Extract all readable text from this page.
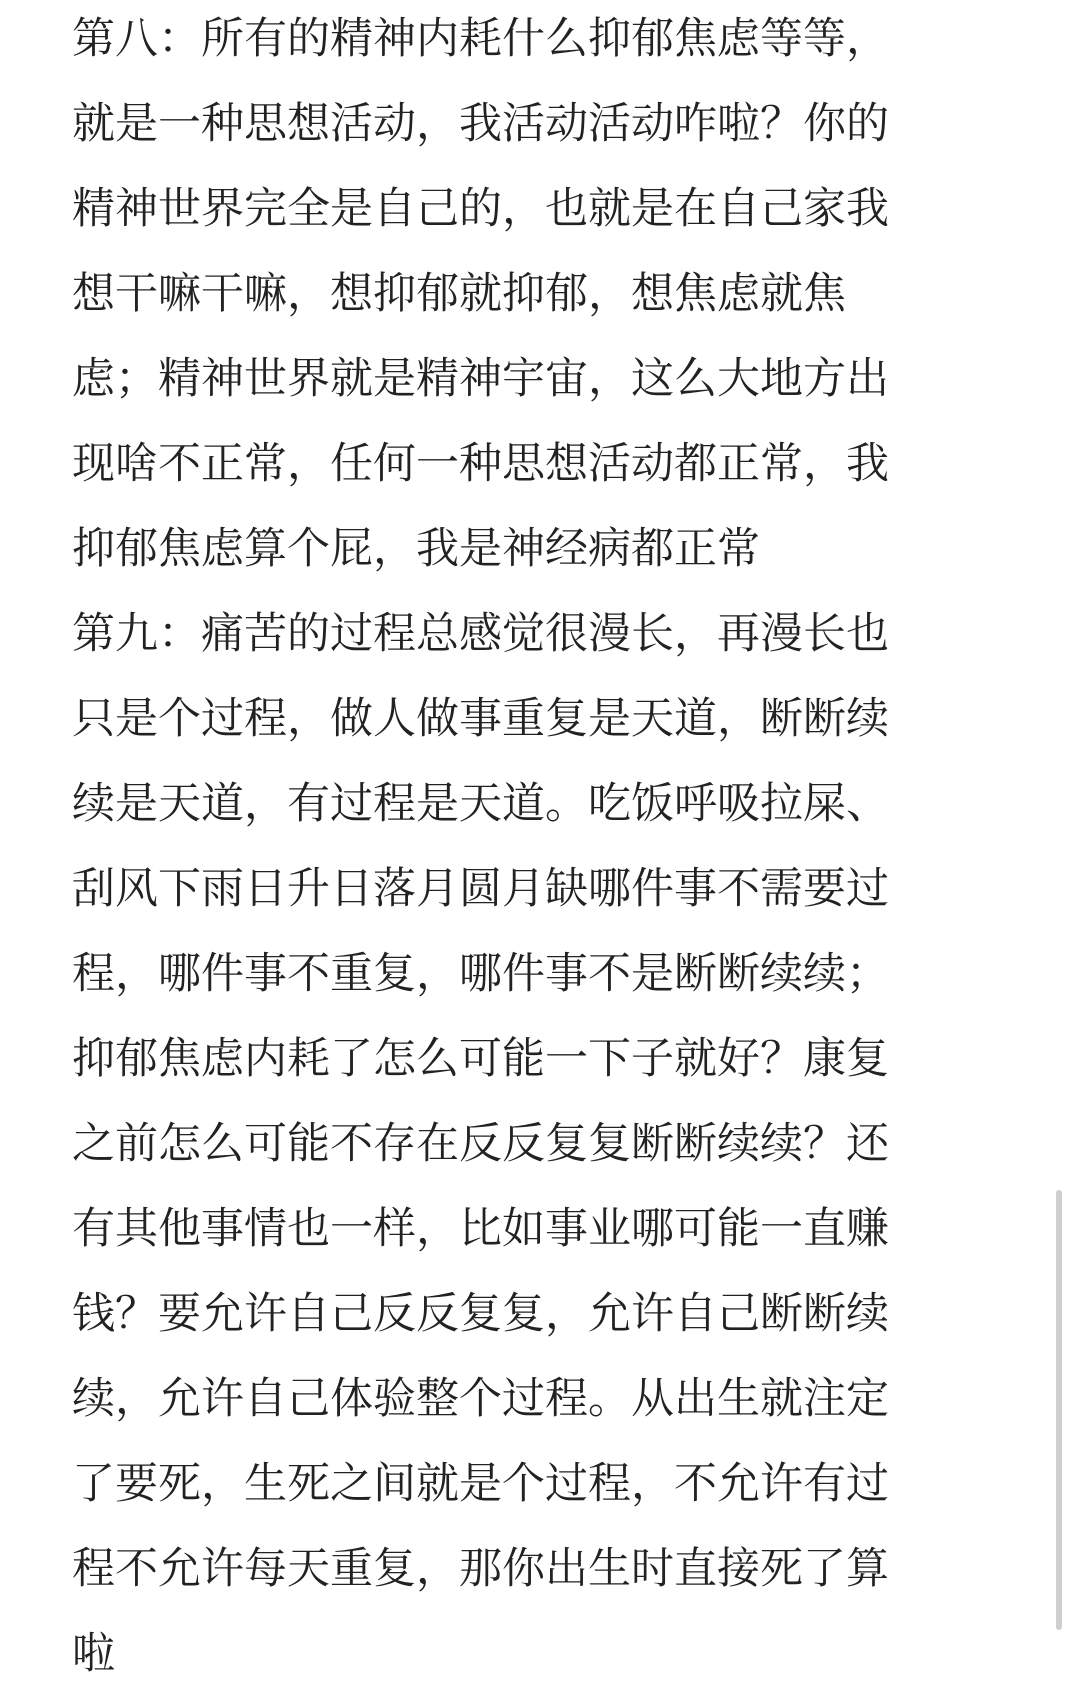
第八：所有的精神内耗什么抑郁焦虑等等，
就是一种思想活动，我活动活动咋啦？你的
精神世界完全是自己的，也就是在自己家我
想干嘛干嘛，想抑郁就抑郁，想焦虑就焦
虑；精神世界就是精神宇宙，这么大地方出
现啥不正常，任何一种思想活动都正常，我
抑郁焦虑算个屁，我是神经病都正常
第九：痛苦的过程总感觉很漫长，再漫长也
只是个过程，做人做事重复是天道，断断续
续是天道，有过程是天道。吃饭呼吸拉屎、
刮风下雨日升日落月圆月缺哪件事不需要过
程，哪件事不重复，哪件事不是断断续续；
抑郁焦虑内耗了怎么可能一下子就好？康复
之前怎么可能不存在反反复复断断续续？还
有其他事情也一样，比如事业哪可能一直赚
钱？要允许自己反反复复，允许自己断断续
续，允许自己体验整个过程。从出生就注定
了要死，生死之间就是个过程，不允许有过
程不允许每天重复，那你出生时直接死了算
啦
